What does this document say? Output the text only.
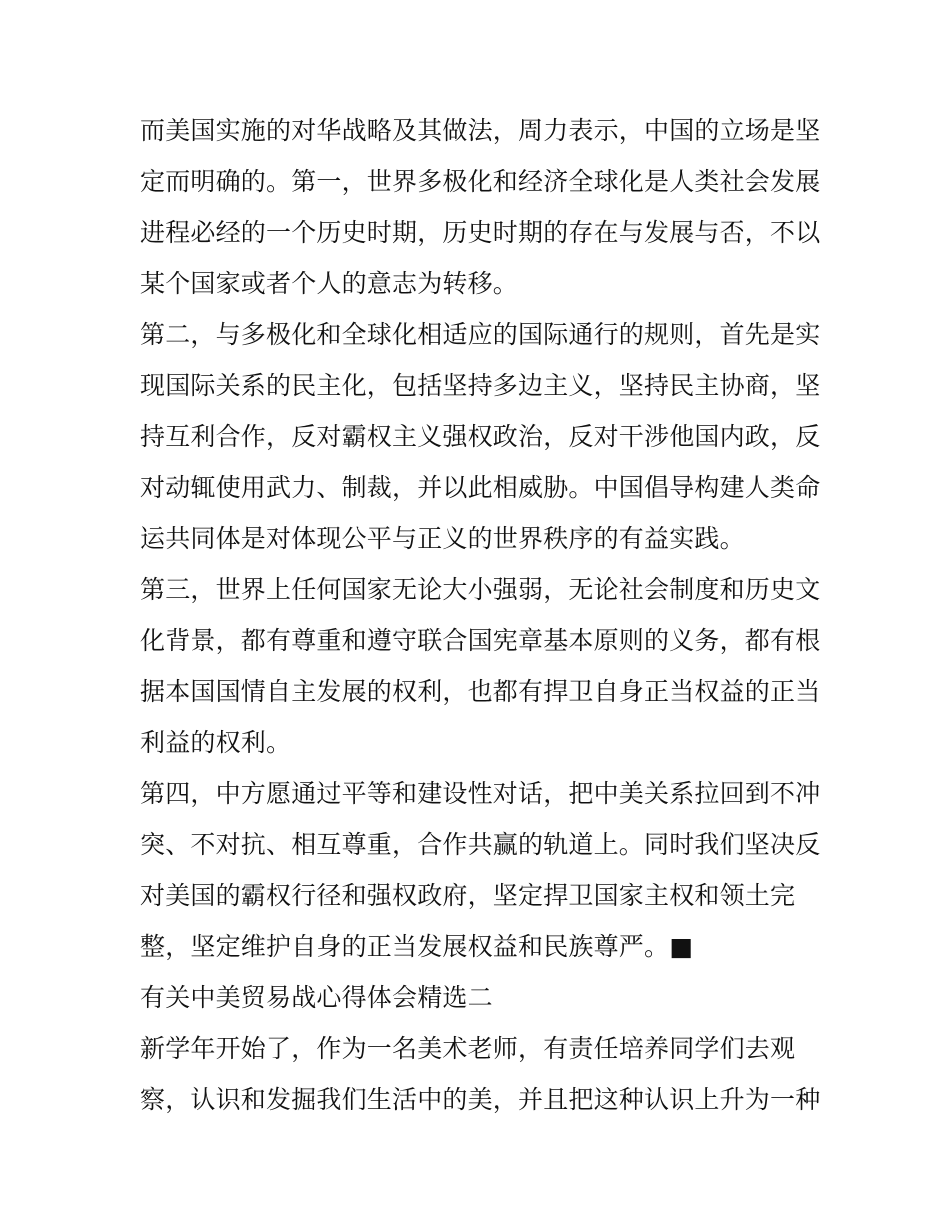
而美国实施的对华战略及其做法，周力表示，中国的立场是坚
定而明确的。第一，世界多极化和经济全球化是人类社会发展
进程必经的一个历史时期，历史时期的存在与发展与否，不以
某个国家或者个人的意志为转移。
第二，与多极化和全球化相适应的国际通行的规则，首先是实
现国际关系的民主化，包括坚持多边主义，坚持民主协商，坚
持互利合作，反对霸权主义强权政治，反对干涉他国内政，反
对动辄使用武力、制裁，并以此相威胁。中国倡导构建人类命
运共同体是对体现公平与正义的世界秩序的有益实践。
第三，世界上任何国家无论大小强弱，无论社会制度和历史文
化背景，都有尊重和遵守联合国宪章基本原则的义务，都有根
据本国国情自主发展的权利，也都有捍卫自身正当权益的正当
利益的权利。
第四，中方愿通过平等和建设性对话，把中美关系拉回到不冲
突、不对抗、相互尊重，合作共赢的轨道上。同时我们坚决反
对美国的霸权行径和强权政府，坚定捍卫国家主权和领土完
整，坚定维护自身的正当发展权益和民族尊严。■
有关中美贸易战心得体会精选二
新学年开始了，作为一名美术老师，有责任培养同学们去观
察，认识和发掘我们生活中的美，并且把这种认识上升为一种
